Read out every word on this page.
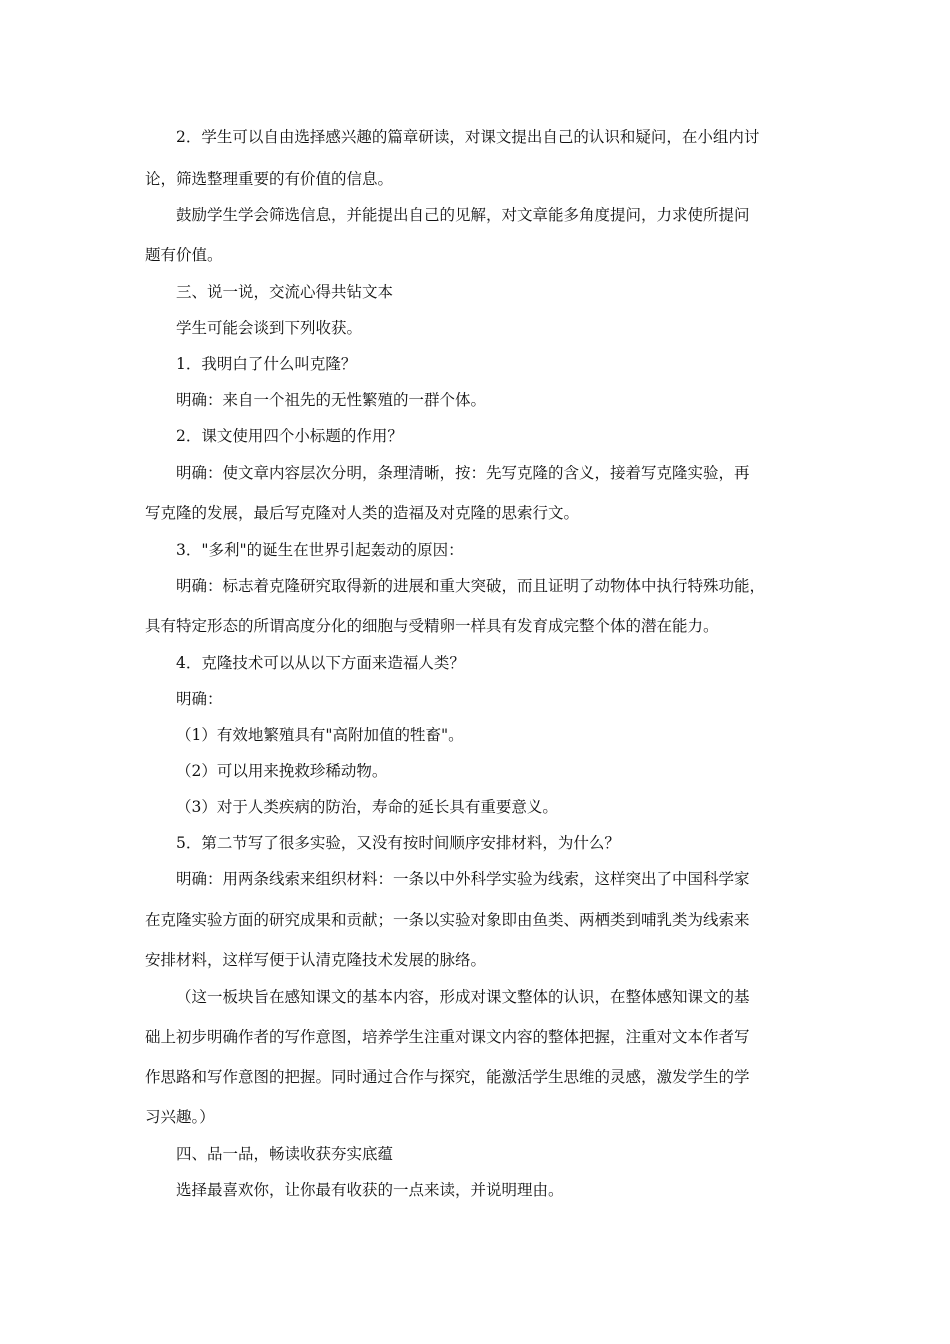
2．学生可以自由选择感兴趣的篇章研读，对课文提出自己的认识和疑问，在小组内讨
论，筛选整理重要的有价值的信息。
鼓励学生学会筛选信息，并能提出自己的见解，对文章能多角度提问，力求使所提问
题有价值。
三、说一说，交流心得共钻文本
学生可能会谈到下列收获。
1．我明白了什么叫克隆？
明确：来自一个祖先的无性繁殖的一群个体。
2．课文使用四个小标题的作用？
明确：使文章内容层次分明，条理清晰，按：先写克隆的含义，接着写克隆实验，再
写克隆的发展，最后写克隆对人类的造福及对克隆的思索行文。
3．"多利"的诞生在世界引起轰动的原因：
明确：标志着克隆研究取得新的进展和重大突破，而且证明了动物体中执行特殊功能，
具有特定形态的所谓高度分化的细胞与受精卵一样具有发育成完整个体的潜在能力。
4．克隆技术可以从以下方面来造福人类？
明确：
（1）有效地繁殖具有"高附加值的牲畜"。
（2）可以用来挽救珍稀动物。
（3）对于人类疾病的防治，寿命的延长具有重要意义。
5．第二节写了很多实验，又没有按时间顺序安排材料，为什么？
明确：用两条线索来组织材料：一条以中外科学实验为线索，这样突出了中国科学家
在克隆实验方面的研究成果和贡献；一条以实验对象即由鱼类、两栖类到哺乳类为线索来
安排材料，这样写便于认清克隆技术发展的脉络。
（这一板块旨在感知课文的基本内容，形成对课文整体的认识，在整体感知课文的基
础上初步明确作者的写作意图，培养学生注重对课文内容的整体把握，注重对文本作者写
作思路和写作意图的把握。同时通过合作与探究，能激活学生思维的灵感，激发学生的学
习兴趣。）
四、品一品，畅读收获夯实底蕴
选择最喜欢你，让你最有收获的一点来读，并说明理由。
